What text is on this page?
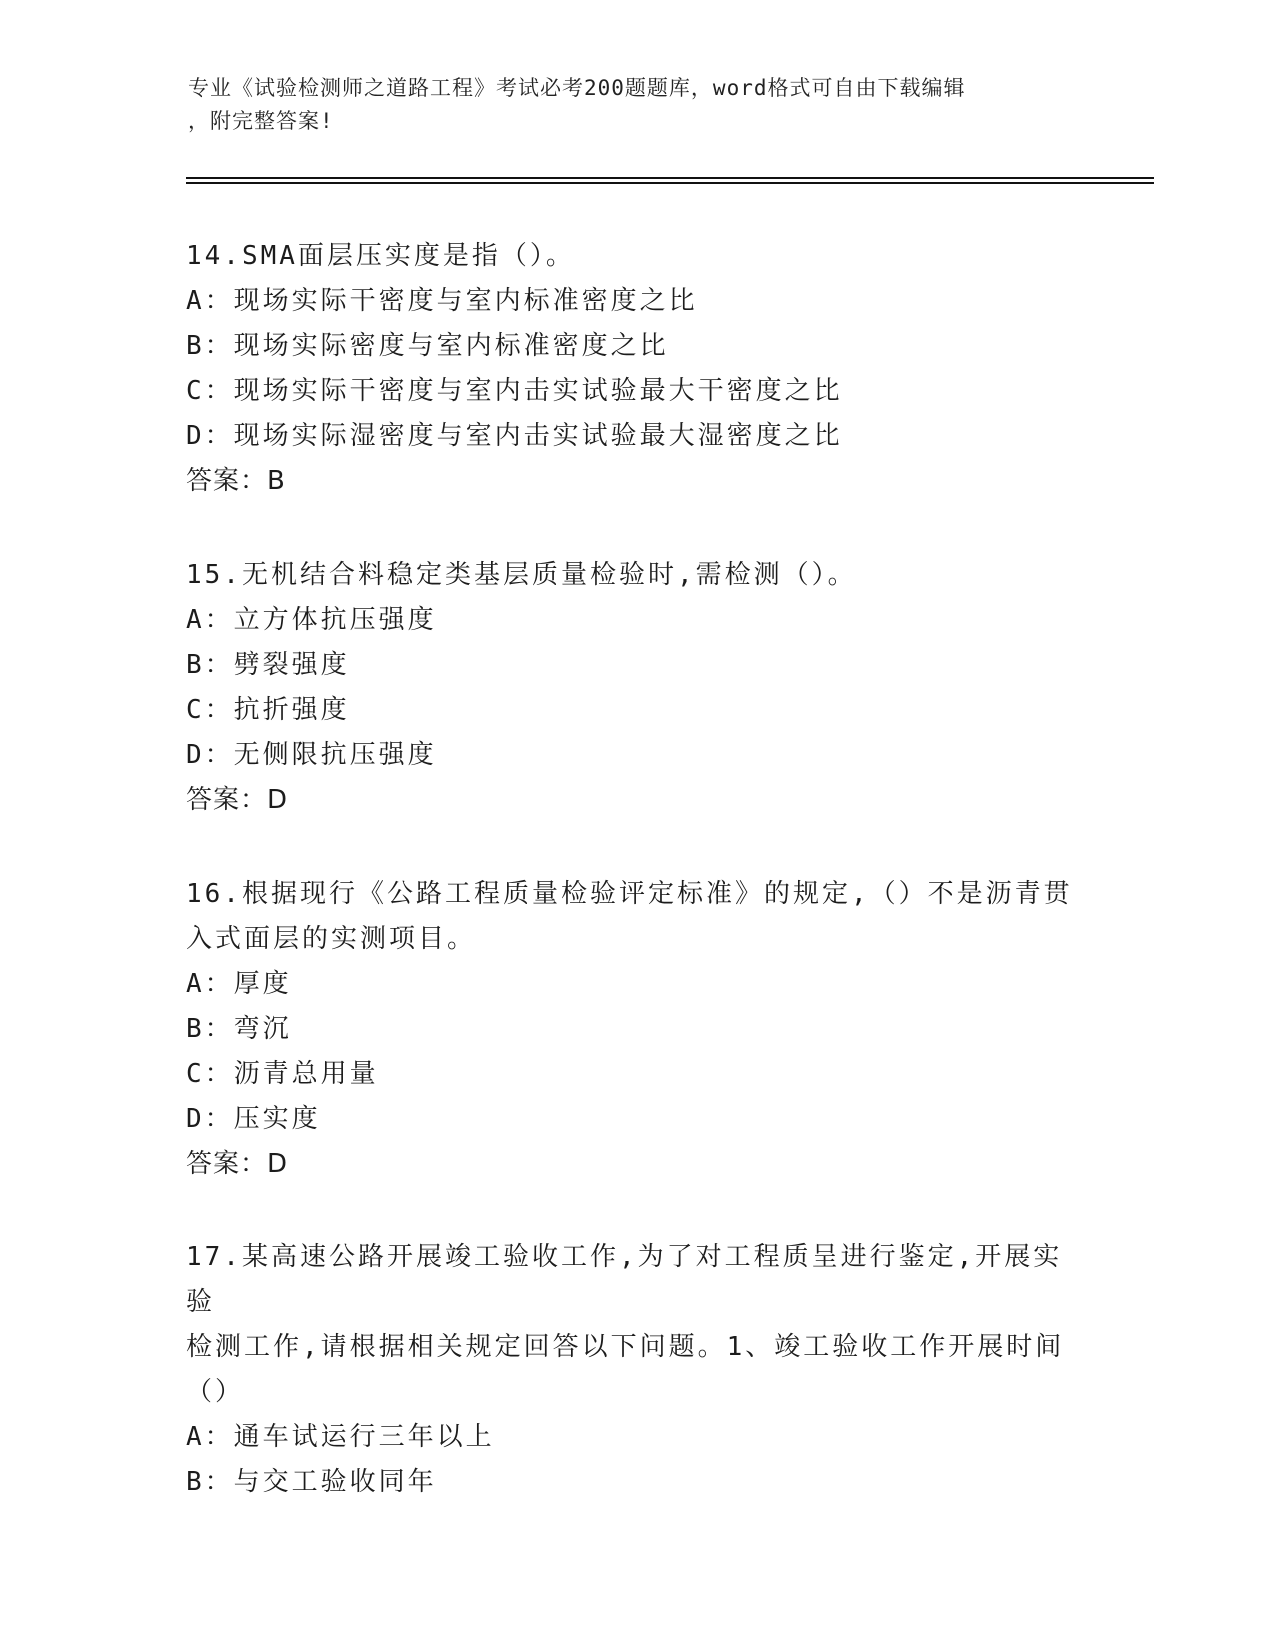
专业《试验检测师之道路工程》考试必考200题题库，word格式可自由下载编辑
，附完整答案!

14.SMA面层压实度是指（）。

A：现场实际干密度与室内标准密度之比

B：现场实际密度与室内标准密度之比

C：现场实际干密度与室内击实试验最大干密度之比

D：现场实际湿密度与室内击实试验最大湿密度之比

答案：B

15.无机结合料稳定类基层质量检验时,需检测（）。

A：立方体抗压强度

B：劈裂强度

C：抗折强度

D：无侧限抗压强度

答案：D

16.根据现行《公路工程质量检验评定标准》的规定,（）不是沥青贯

入式面层的实测项目。

A：厚度

B：弯沉

C：沥青总用量

D：压实度

答案：D

17.某高速公路开展竣工验收工作,为了对工程质呈进行鉴定,开展实验

检测工作,请根据相关规定回答以下问题。1、竣工验收工作开展时间

（）

A：通车试运行三年以上

B：与交工验收同年
